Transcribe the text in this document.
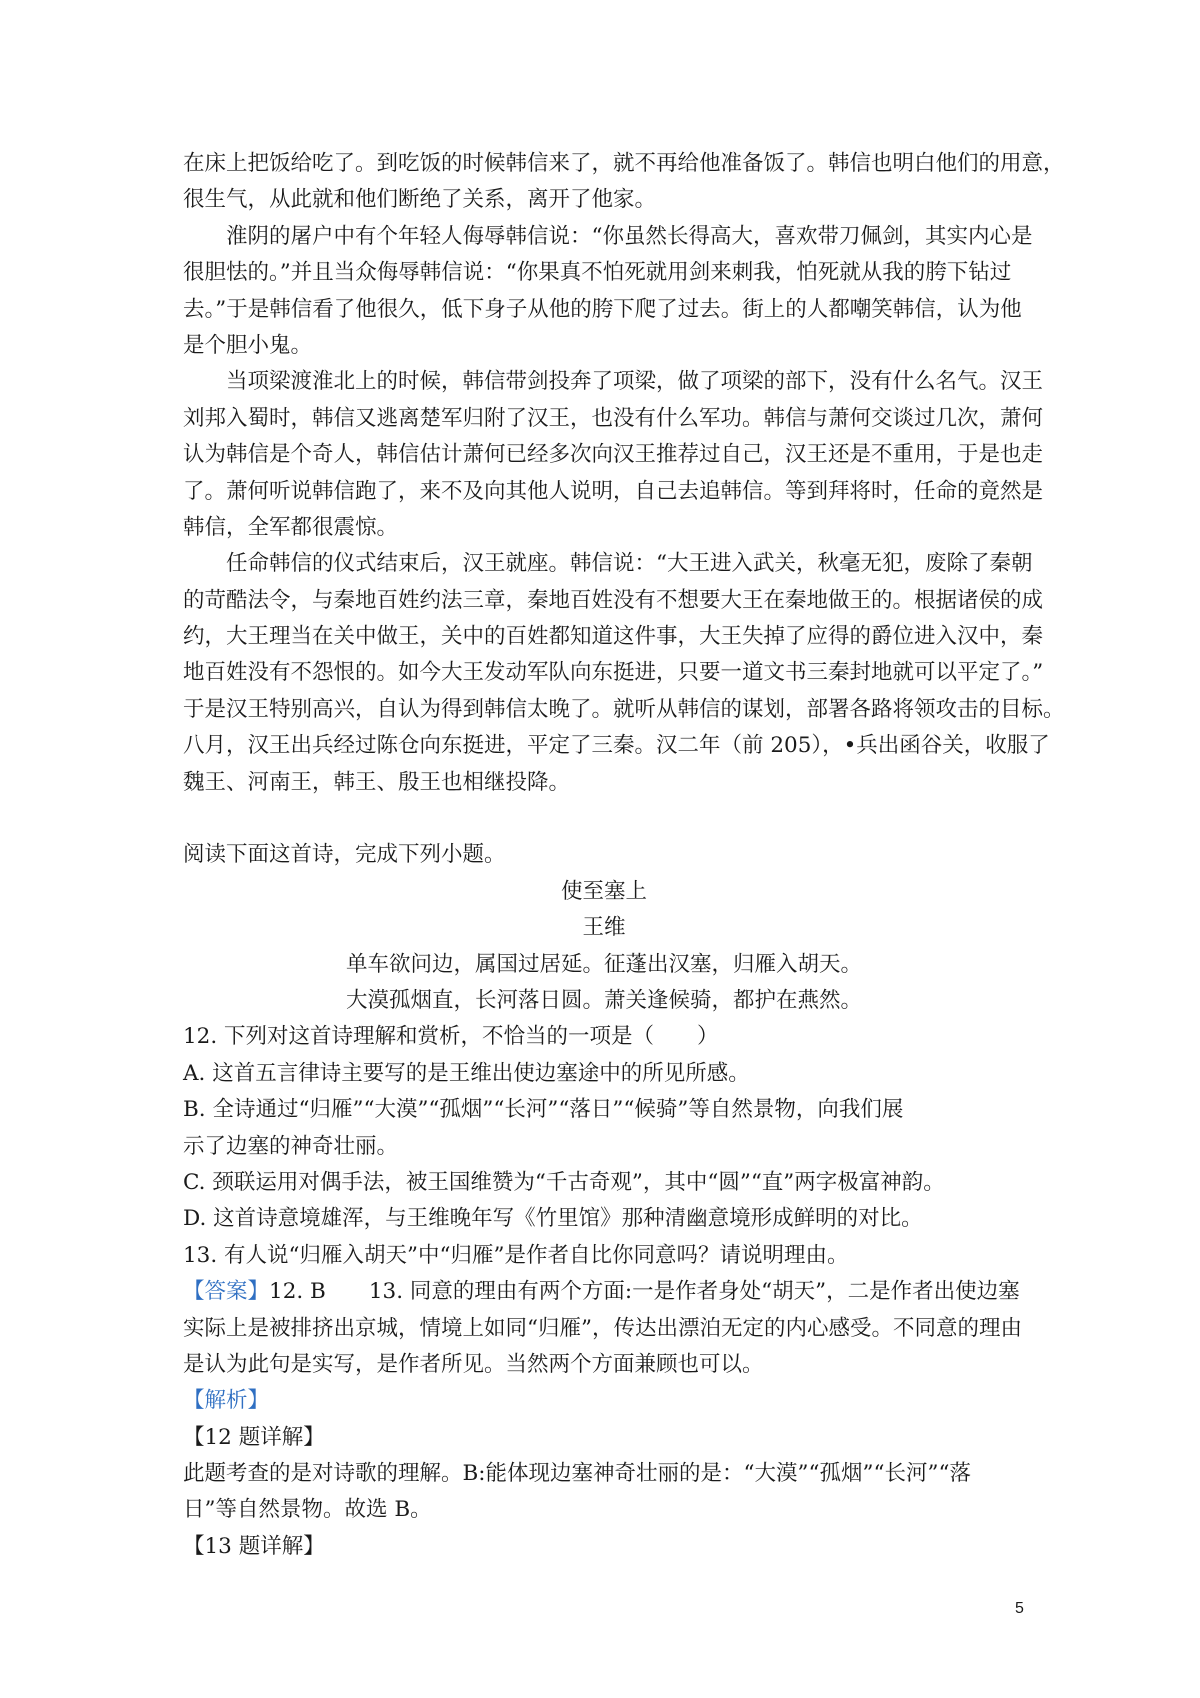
在床上把饭给吃了。到吃饭的时候韩信来了，就不再给他准备饭了。韩信也明白他们的用意，
很生气，从此就和他们断绝了关系，离开了他家。
淮阴的屠户中有个年轻人侮辱韩信说：“你虽然长得高大，喜欢带刀佩剑，其实内心是
很胆怯的。”并且当众侮辱韩信说：“你果真不怕死就用剑来刺我，怕死就从我的胯下钻过
去。”于是韩信看了他很久，低下身子从他的胯下爬了过去。街上的人都嘲笑韩信，认为他
是个胆小鬼。
当项梁渡淮北上的时候，韩信带剑投奔了项梁，做了项梁的部下，没有什么名气。汉王
刘邦入蜀时，韩信又逃离楚军归附了汉王，也没有什么军功。韩信与萧何交谈过几次，萧何
认为韩信是个奇人，韩信估计萧何已经多次向汉王推荐过自己，汉王还是不重用，于是也走
了。萧何听说韩信跑了，来不及向其他人说明，自己去追韩信。等到拜将时，任命的竟然是
韩信，全军都很震惊。
任命韩信的仪式结束后，汉王就座。韩信说：“大王进入武关，秋毫无犯，废除了秦朝
的苛酷法令，与秦地百姓约法三章，秦地百姓没有不想要大王在秦地做王的。根据诸侯的成
约，大王理当在关中做王，关中的百姓都知道这件事，大王失掉了应得的爵位进入汉中，秦
地百姓没有不怨恨的。如今大王发动军队向东挺进，只要一道文书三秦封地就可以平定了。”
于是汉王特别高兴，自认为得到韩信太晚了。就听从韩信的谋划，部署各路将领攻击的目标。
八月，汉王出兵经过陈仓向东挺进，平定了三秦。汉二年（前 205），•兵出函谷关，收服了
魏王、河南王，韩王、殷王也相继投降。
阅读下面这首诗，完成下列小题。
使至塞上
王维
单车欲问边，属国过居延。征蓬出汉塞，归雁入胡天。
大漠孤烟直，长河落日圆。萧关逢候骑，都护在燕然。
12. 下列对这首诗理解和赏析，不恰当的一项是（　　）
A. 这首五言律诗主要写的是王维出使边塞途中的所见所感。
B. 全诗通过“归雁”“大漠”“孤烟”“长河”“落日”“候骑”等自然景物，向我们展
示了边塞的神奇壮丽。
C. 颈联运用对偶手法，被王国维赞为“千古奇观”，其中“圆”“直”两字极富神韵。
D. 这首诗意境雄浑，与王维晚年写《竹里馆》那种清幽意境形成鲜明的对比。
13. 有人说“归雁入胡天”中“归雁”是作者自比你同意吗？请说明理由。
【答案】12. B　　13. 同意的理由有两个方面:一是作者身处“胡天”，二是作者出使边塞
实际上是被排挤出京城，情境上如同“归雁”，传达出漂泊无定的内心感受。不同意的理由
是认为此句是实写，是作者所见。当然两个方面兼顾也可以。
【解析】
【12 题详解】
此题考查的是对诗歌的理解。B:能体现边塞神奇壮丽的是：“大漠”“孤烟”“长河”“落
日”等自然景物。故选 B。
【13 题详解】
5
